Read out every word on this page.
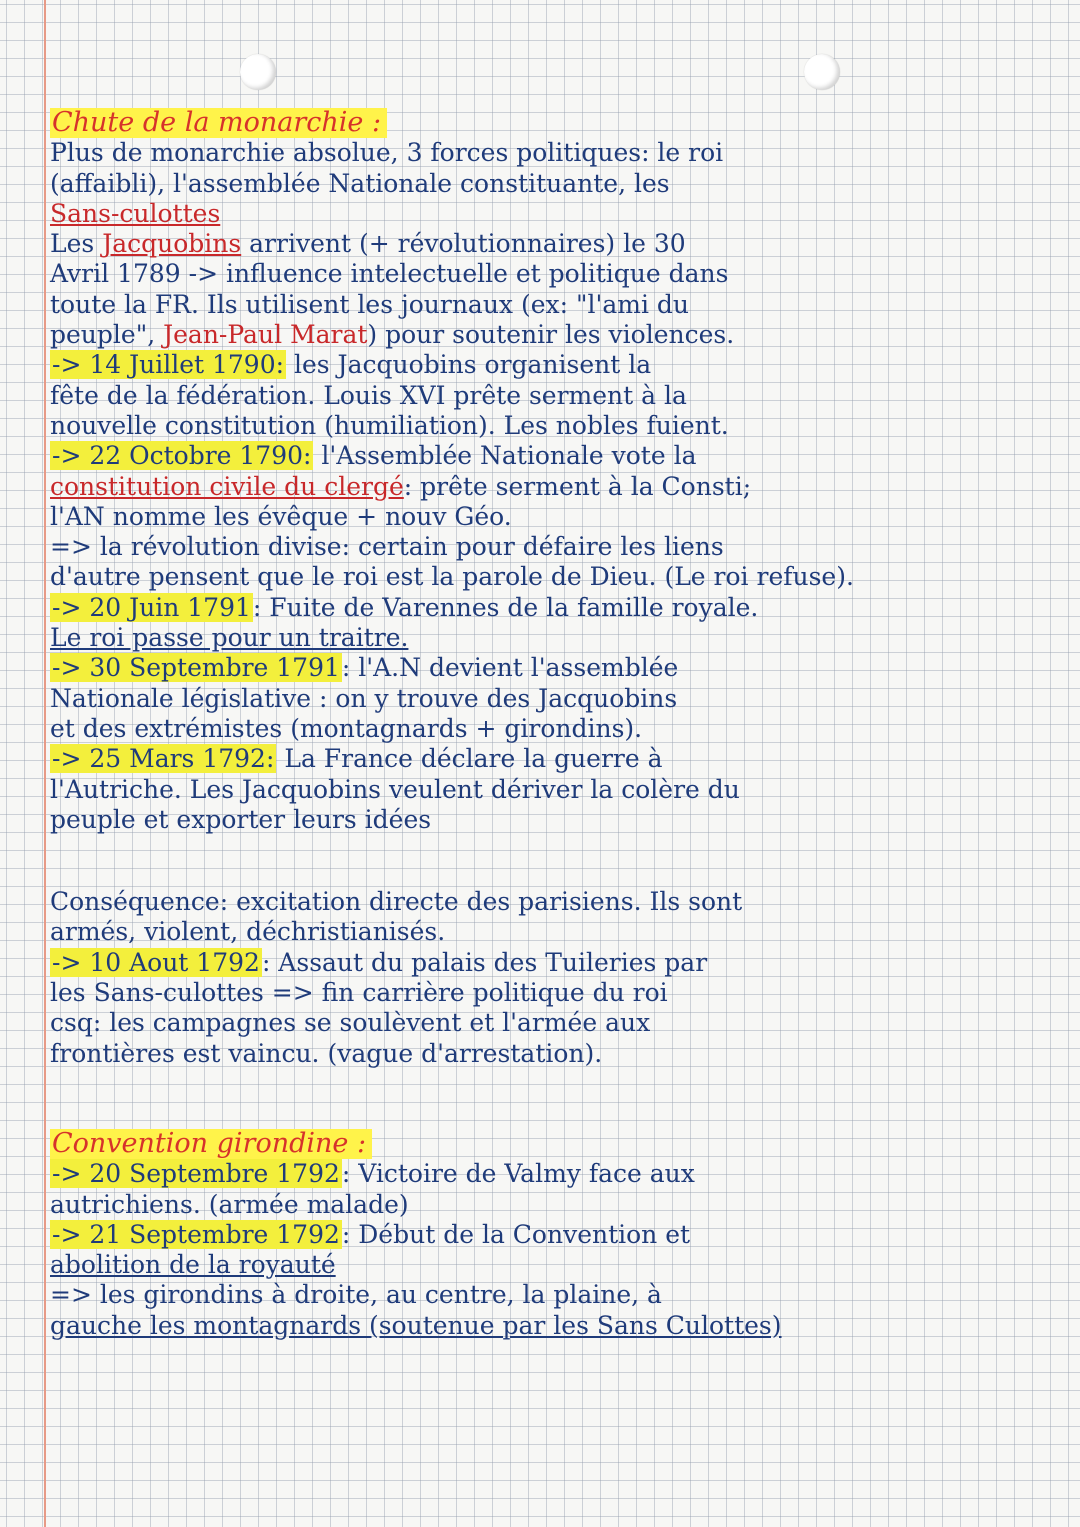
Chute de la monarchie :

Plus de monarchie absolue, 3 forces politiques: le roi

(affaibli), l'assemblée Nationale constituante, les

Sans-culottes

Les Jacquobins arrivent (+ révolutionnaires) le 30

Avril 1789 -> influence intelectuelle et politique dans

toute la FR. Ils utilisent les journaux (ex: "l'ami du

peuple", Jean-Paul Marat) pour soutenir les violences.

-> 14 Juillet 1790: les Jacquobins organisent la

fête de la fédération. Louis XVI prête serment à la

nouvelle constitution (humiliation). Les nobles fuient.

-> 22 Octobre 1790: l'Assemblée Nationale vote la

constitution civile du clergé: prête serment à la Consti;

l'AN nomme les évêque + nouv Géo.

=> la révolution divise: certain pour défaire les liens

d'autre pensent que le roi est la parole de Dieu. (Le roi refuse).

-> 20 Juin 1791: Fuite de Varennes de la famille royale.

Le roi passe pour un traitre.

-> 30 Septembre 1791: l'A.N devient l'assemblée

Nationale législative : on y trouve des Jacquobins

et des extrémistes (montagnards + girondins).

-> 25 Mars 1792: La France déclare la guerre à

l'Autriche. Les Jacquobins veulent dériver la colère du

peuple et exporter leurs idées

Conséquence: excitation directe des parisiens. Ils sont

armés, violent, déchristianisés.

-> 10 Aout 1792: Assaut du palais des Tuileries par

les Sans-culottes => fin carrière politique du roi

csq: les campagnes se soulèvent et l'armée aux

frontières est vaincu. (vague d'arrestation).

Convention girondine :

-> 20 Septembre 1792: Victoire de Valmy face aux

autrichiens. (armée malade)

-> 21 Septembre 1792: Début de la Convention et

abolition de la royauté

=> les girondins à droite, au centre, la plaine, à

gauche les montagnards (soutenue par les Sans Culottes)
